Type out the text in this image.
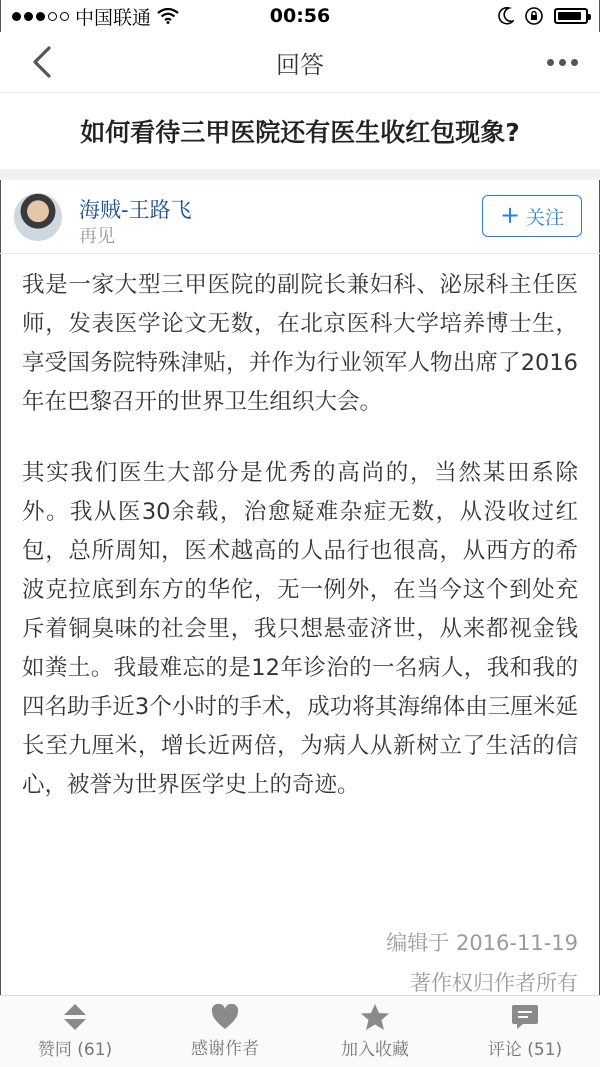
中国联通	00:56
回答
如何看待三甲医院还有医生收红包现象?
海贼-王路飞
再见
+ 关注

我是一家大型三甲医院的副院长兼妇科、泌尿科主任医师，发表医学论文无数，在北京医科大学培养博士生，享受国务院特殊津贴，并作为行业领军人物出席了2016年在巴黎召开的世界卫生组织大会。

其实我们医生大部分是优秀的高尚的，当然某田系除外。我从医30余载，治愈疑难杂症无数，从没收过红包，总所周知，医术越高的人品行也很高，从西方的希波克拉底到东方的华佗，无一例外，在当今这个到处充斥着铜臭味的社会里，我只想悬壶济世，从来都视金钱如粪土。我最难忘的是12年诊治的一名病人，我和我的四名助手近3个小时的手术，成功将其海绵体由三厘米延长至九厘米，增长近两倍，为病人从新树立了生活的信心，被誉为世界医学史上的奇迹。

编辑于 2016-11-19
著作权归作者所有
赞同 (61)	感谢作者	加入收藏	评论 (51)
